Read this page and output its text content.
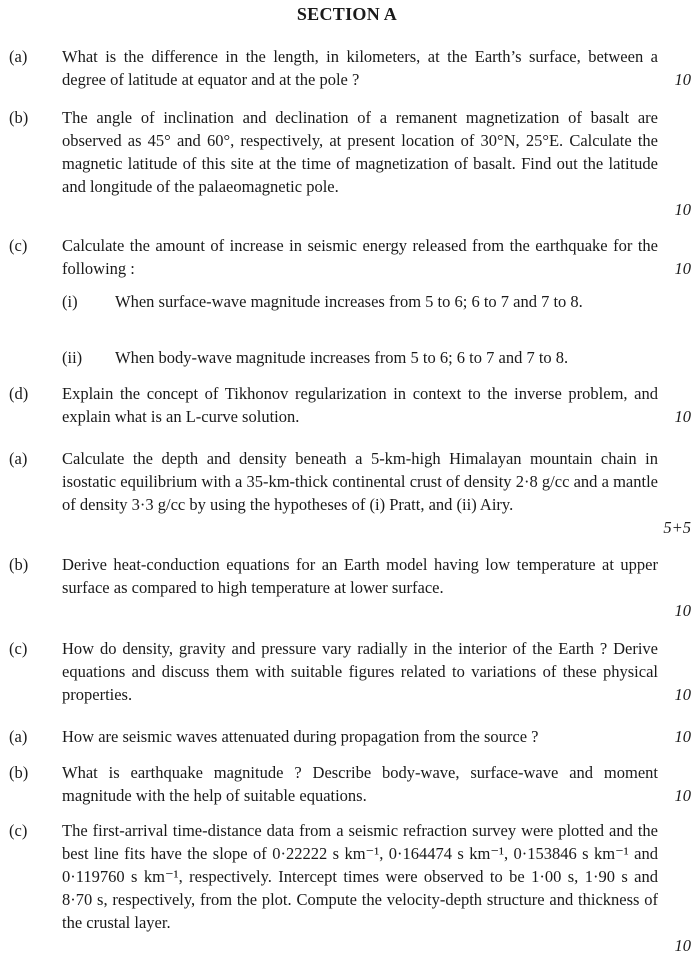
SECTION A
(a) What is the difference in the length, in kilometers, at the Earth’s surface, between a degree of latitude at equator and at the pole ?	10
(b) The angle of inclination and declination of a remanent magnetization of basalt are observed as 45° and 60°, respectively, at present location of 30°N, 25°E. Calculate the magnetic latitude of this site at the time of magnetization of basalt. Find out the latitude and longitude of the palaeomagnetic pole.
10
(c) Calculate the amount of increase in seismic energy released from the earthquake for the following :	10
(i) When surface-wave magnitude increases from 5 to 6; 6 to 7 and 7 to 8.
(ii) When body-wave magnitude increases from 5 to 6; 6 to 7 and 7 to 8.
(d) Explain the concept of Tikhonov regularization in context to the inverse problem, and explain what is an L-curve solution.	10
(a) Calculate the depth and density beneath a 5-km-high Himalayan mountain chain in isostatic equilibrium with a 35-km-thick continental crust of density 2·8 g/cc and a mantle of density 3·3 g/cc by using the hypotheses of (i) Pratt, and (ii) Airy.
5+5
(b) Derive heat-conduction equations for an Earth model having low temperature at upper surface as compared to high temperature at lower surface.
10
(c) How do density, gravity and pressure vary radially in the interior of the Earth ? Derive equations and discuss them with suitable figures related to variations of these physical properties.	10
(a) How are seismic waves attenuated during propagation from the source ?	10
(b) What is earthquake magnitude ? Describe body-wave, surface-wave and moment magnitude with the help of suitable equations.	10
(c) The first-arrival time-distance data from a seismic refraction survey were plotted and the best line fits have the slope of 0·22222 s km⁻¹, 0·164474 s km⁻¹, 0·153846 s km⁻¹ and 0·119760 s km⁻¹, respectively. Intercept times were observed to be 1·00 s, 1·90 s and 8·70 s, respectively, from the plot. Compute the velocity-depth structure and thickness of the crustal layer.
10
